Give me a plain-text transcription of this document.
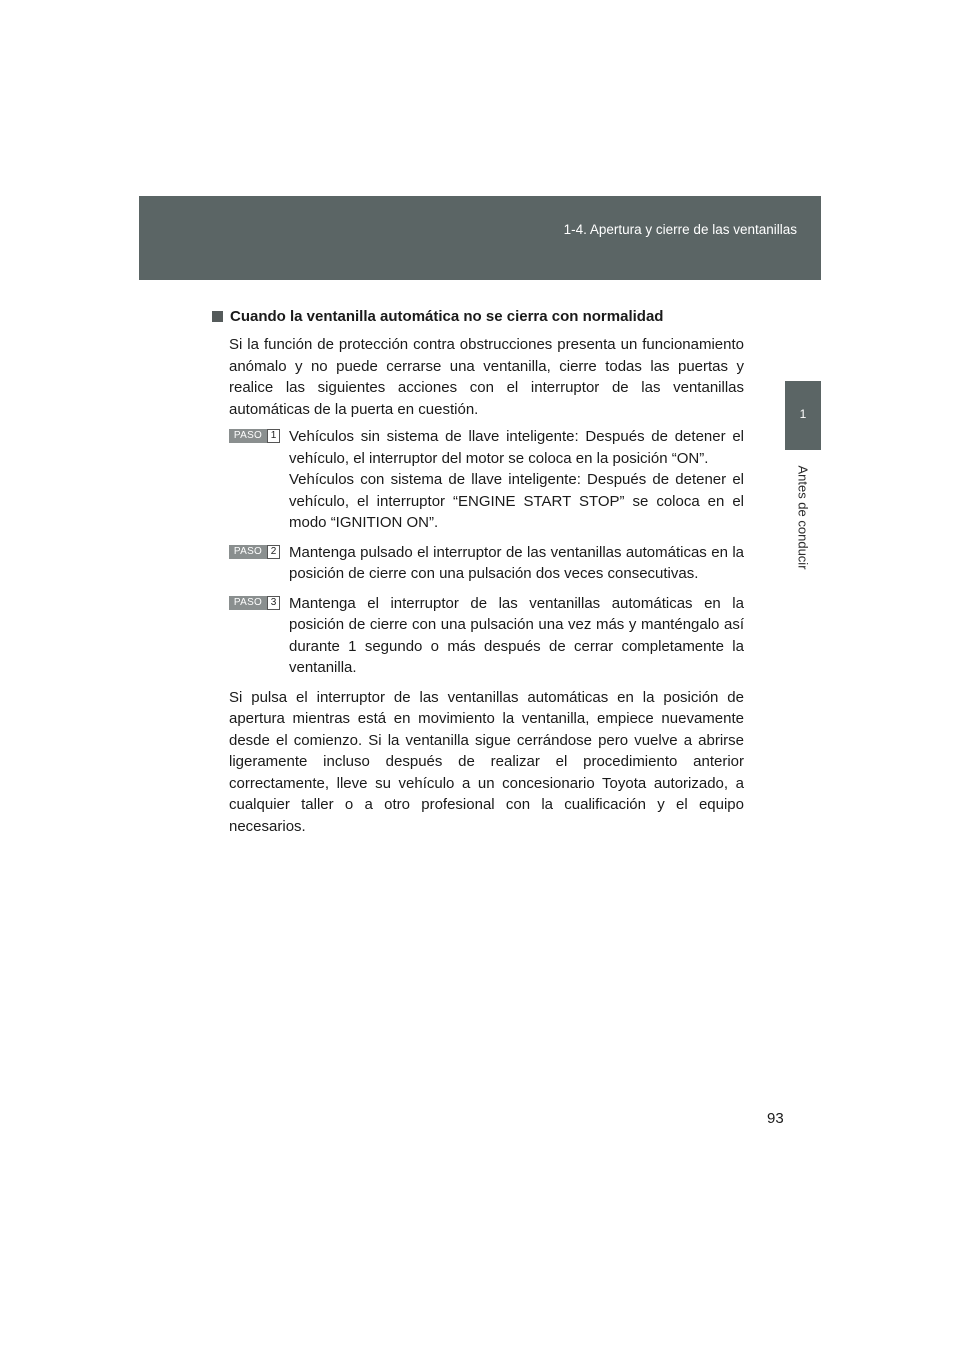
1-4. Apertura y cierre de las ventanillas
1
Antes de conducir
Cuando la ventanilla automática no se cierra con normalidad

Si la función de protección contra obstrucciones presenta un funcionamiento anómalo y no puede cerrarse una ventanilla, cierre todas las puertas y realice las siguientes acciones con el interruptor de las ventanillas automáticas de la puerta en cuestión.

PASO 1 Vehículos sin sistema de llave inteligente: Después de detener el vehículo, el interruptor del motor se coloca en la posición “ON”.

Vehículos con sistema de llave inteligente: Después de detener el vehículo, el interruptor “ENGINE START STOP” se coloca en el modo “IGNITION ON”.

PASO 2 Mantenga pulsado el interruptor de las ventanillas automáticas en la posición de cierre con una pulsación dos veces consecutivas.

PASO 3 Mantenga el interruptor de las ventanillas automáticas en la posición de cierre con una pulsación una vez más y manténgalo así durante 1 segundo o más después de cerrar completamente la ventanilla.

Si pulsa el interruptor de las ventanillas automáticas en la posición de apertura mientras está en movimiento la ventanilla, empiece nuevamente desde el comienzo. Si la ventanilla sigue cerrándose pero vuelve a abrirse ligeramente incluso después de realizar el procedimiento anterior correctamente, lleve su vehículo a un concesionario Toyota autorizado, a cualquier taller o a otro profesional con la cualificación y el equipo necesarios.

93
